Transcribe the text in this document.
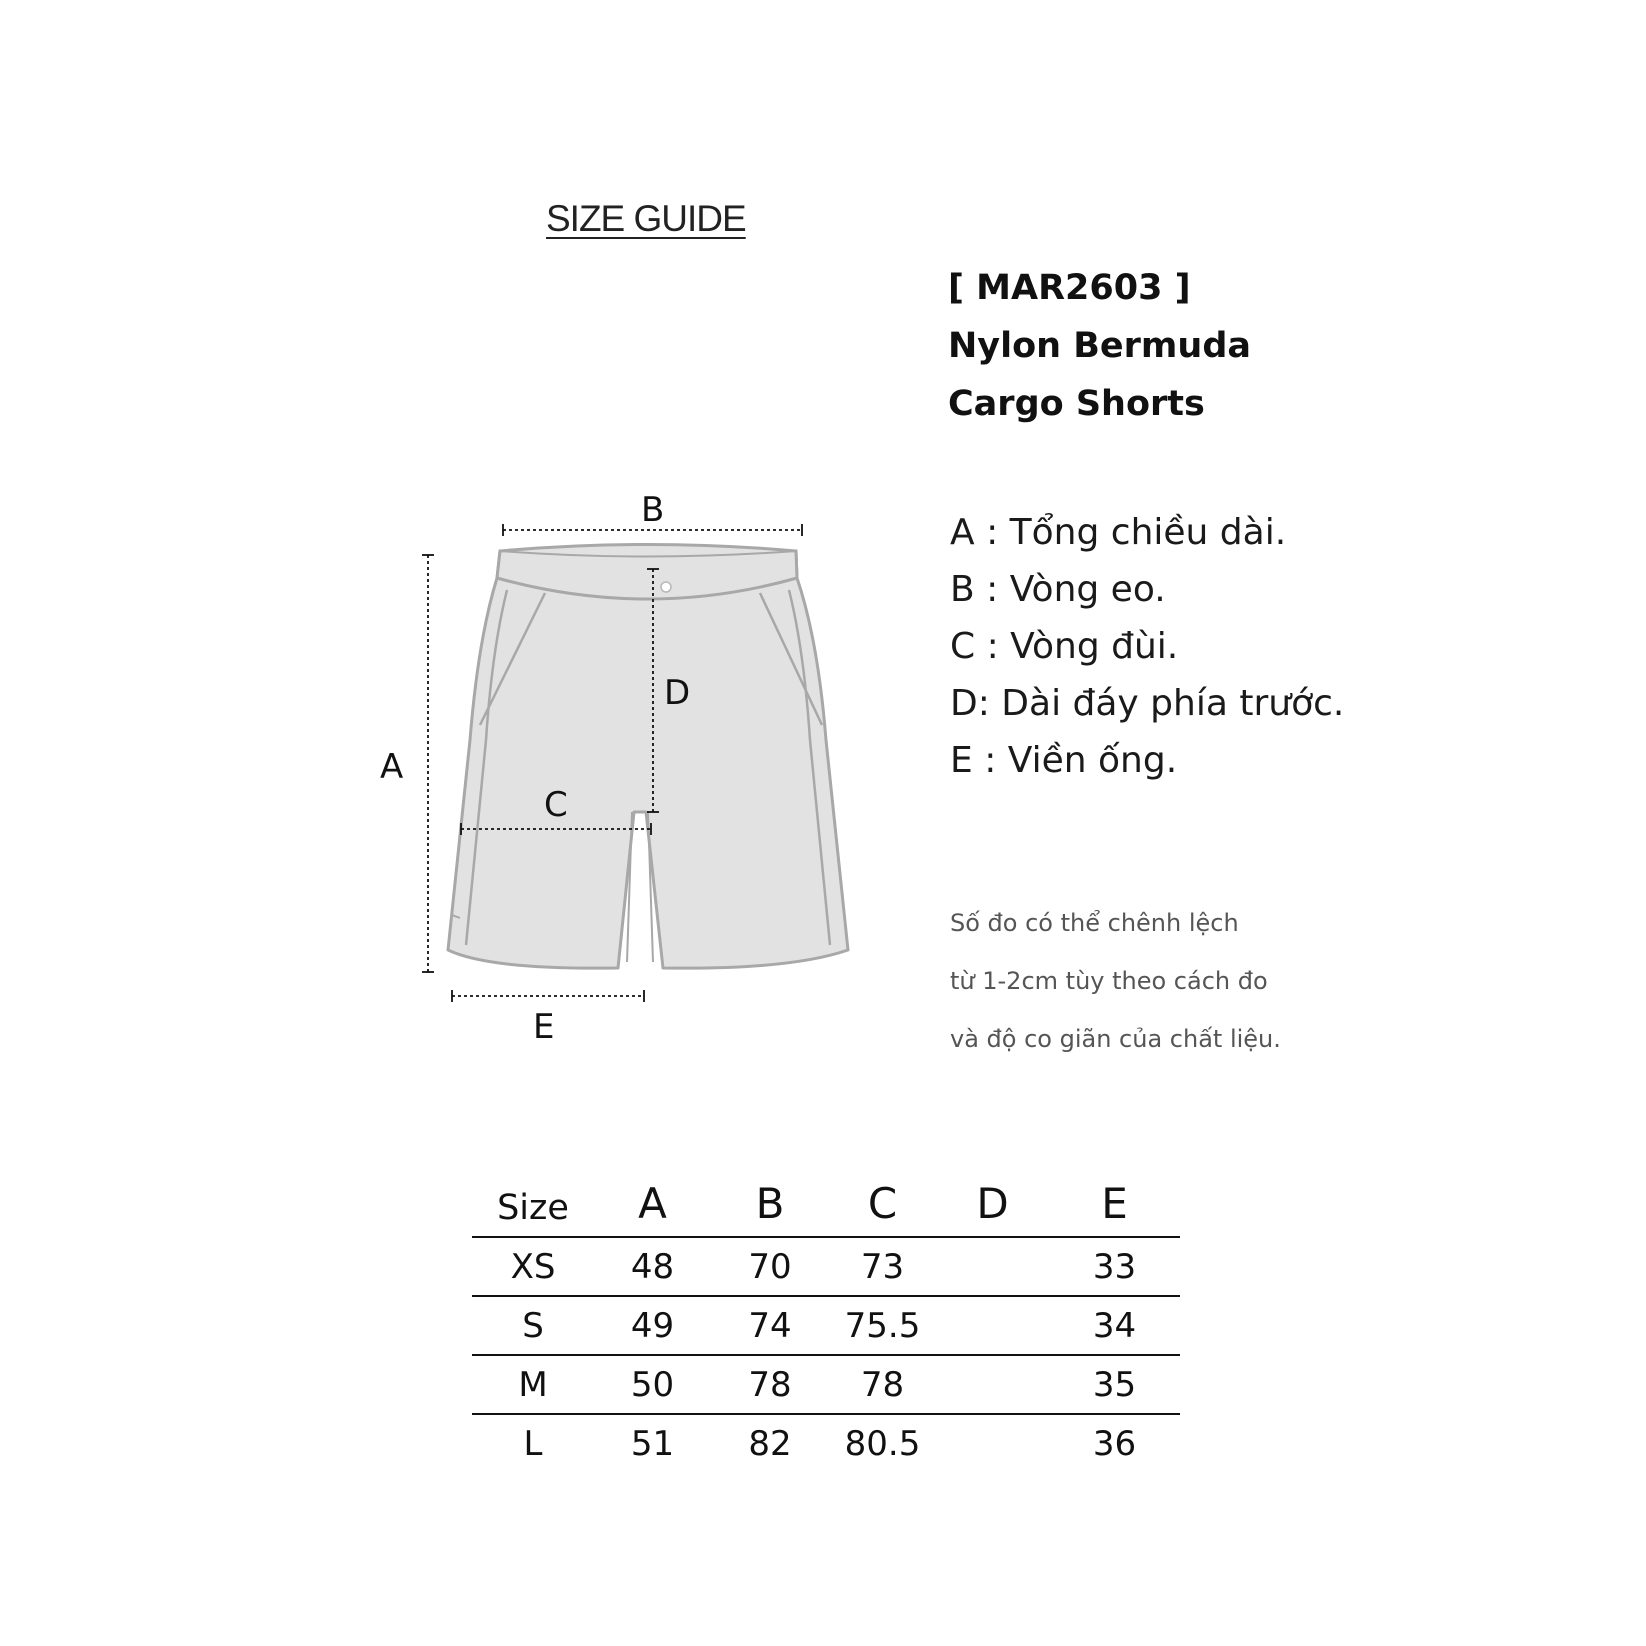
SIZE GUIDE
[ MAR2603 ]
Nylon Bermuda
Cargo Shorts
A : Tổng chiều dài.
B : Vòng eo.
C : Vòng đùi.
D: Dài đáy phía trước.
E : Viền ống.
Số đo có thể chênh lệch
từ 1-2cm tùy theo cách đo
và độ co giãn của chất liệu.
A
B
C
D
E
Size	A	B	C	D	E
XS	48	70	73		33
S	49	74	75.5		34
M	50	78	78		35
L	51	82	80.5		36
